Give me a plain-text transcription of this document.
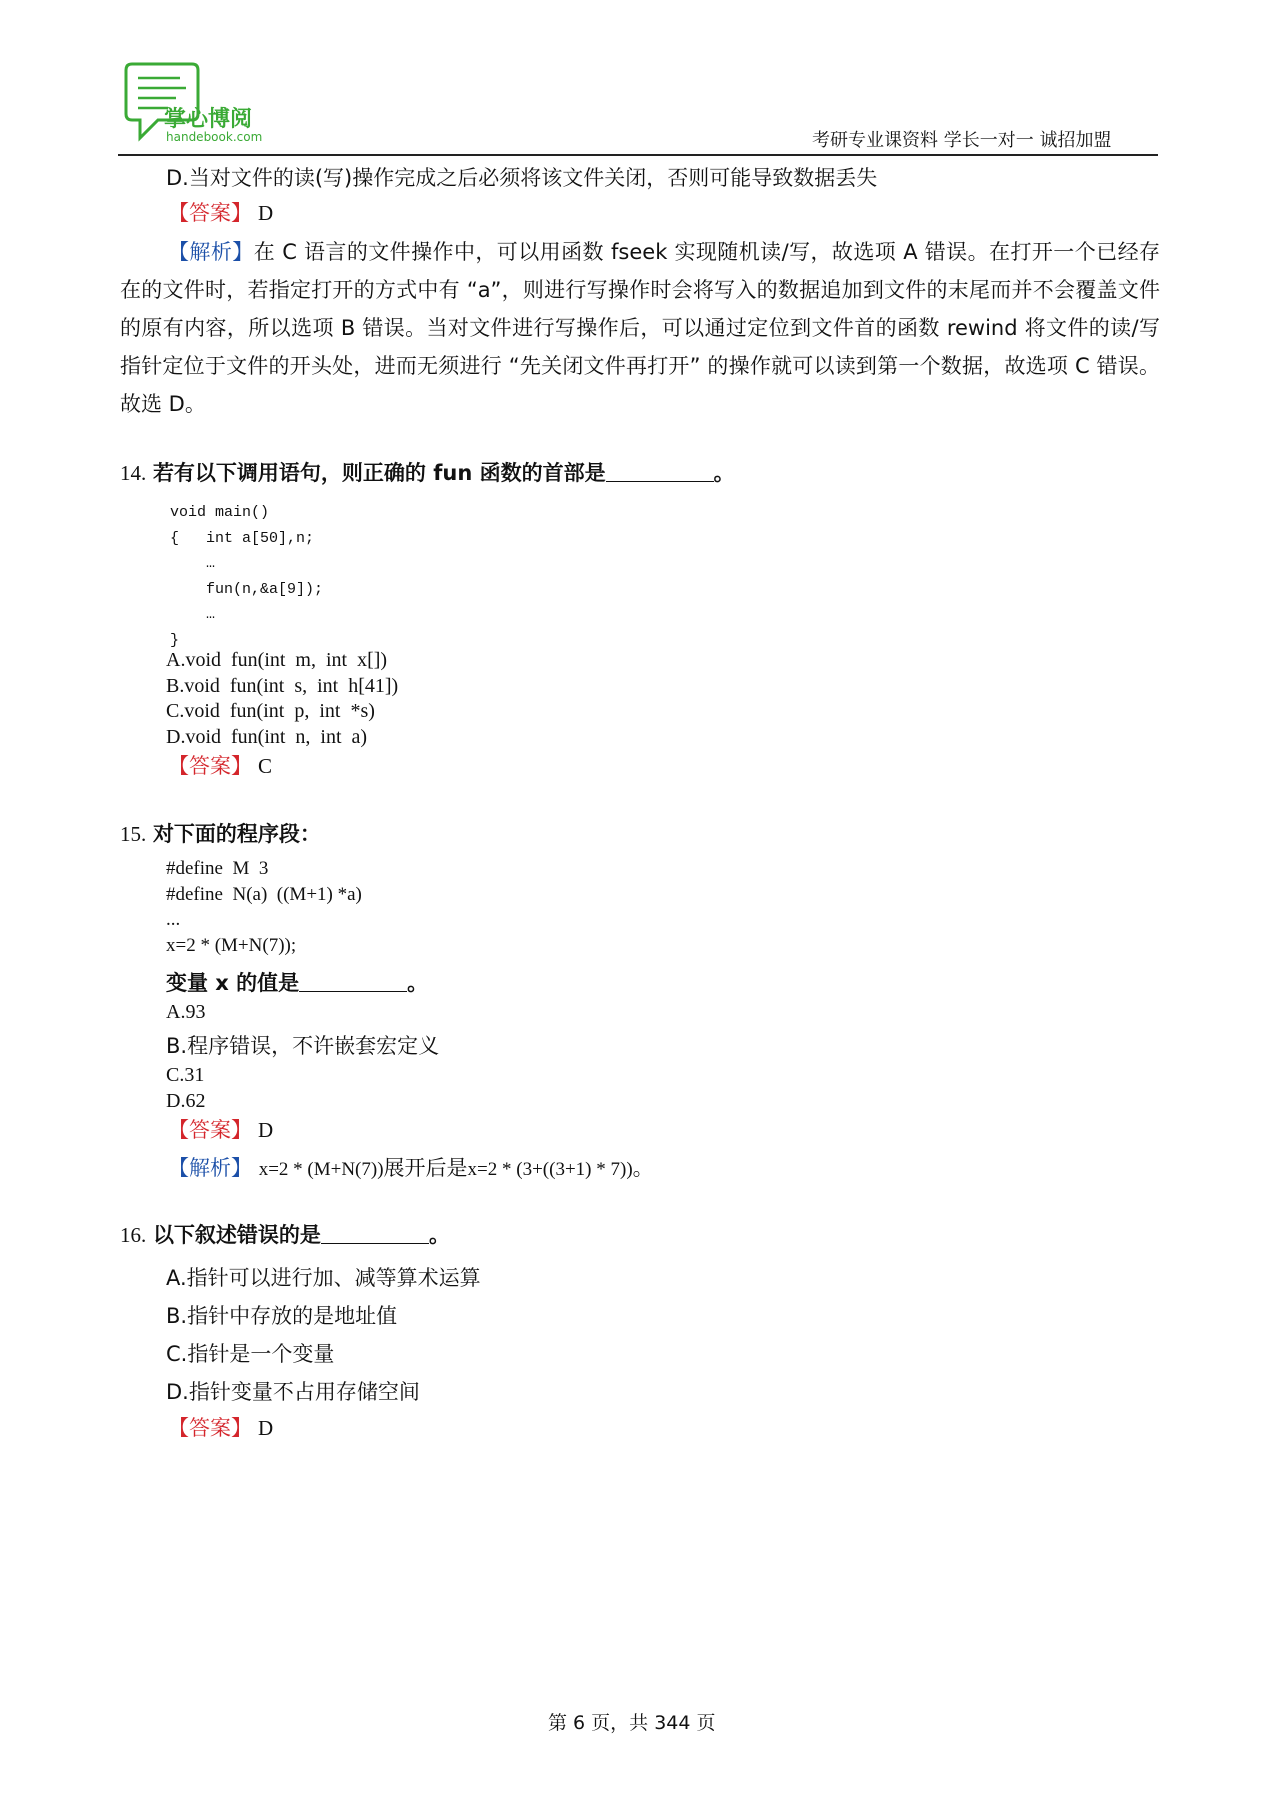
掌心博阅
handebook.com	考研专业课资料 学长一对一 诚招加盟
D.当对文件的读(写)操作完成之后必须将该文件关闭，否则可能导致数据丢失
【答案】 D
【解析】在 C 语言的文件操作中，可以用函数 fseek 实现随机读/写，故选项 A 错误。在打开一个已经存在的文件时，若指定打开的方式中有 “a”，则进行写操作时会将写入的数据追加到文件的末尾而并不会覆盖文件的原有内容，所以选项 B 错误。当对文件进行写操作后，可以通过定位到文件首的函数 rewind 将文件的读/写指针定位于文件的开头处，进而无须进行 “先关闭文件再打开” 的操作就可以读到第一个数据，故选项 C 错误。故选 D。
14. 若有以下调用语句，则正确的 fun 函数的首部是	。
void main()
{   int a[50],n;
…
fun(n,&a[9]);
…
}
A.void  fun(int  m,  int  x[])
B.void  fun(int  s,  int  h[41])
C.void  fun(int  p,  int  *s)
D.void  fun(int  n,  int  a)
【答案】 C
15. 对下面的程序段：
#define  M  3
#define  N(a)  ((M+1) *a)
...
x=2 * (M+N(7));
变量 x 的值是	。
A.93
B.程序错误，不许嵌套宏定义
C.31
D.62
【答案】 D
【解析】 x=2 * (M+N(7))展开后是x=2 * (3+((3+1) * 7))。
16. 以下叙述错误的是	。
A.指针可以进行加、减等算术运算
B.指针中存放的是地址值
C.指针是一个变量
D.指针变量不占用存储空间
【答案】 D
第 6 页，共 344 页
